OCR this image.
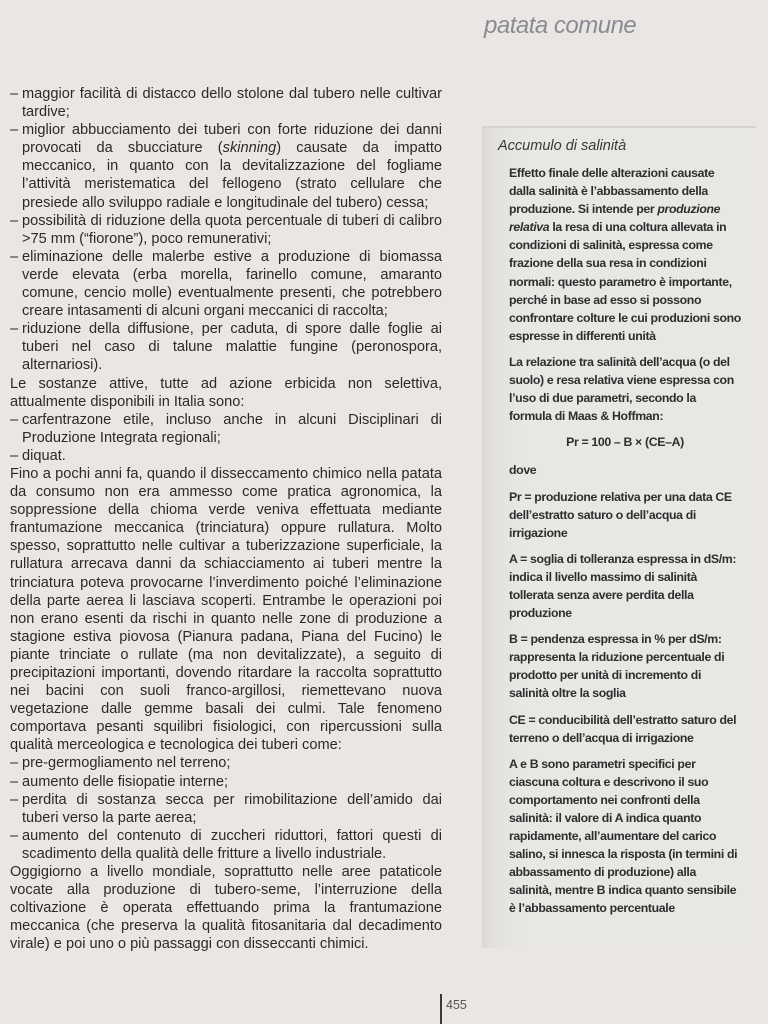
patata comune

– maggior facilità di distacco dello stolone dal tubero nelle cultivar tardive;

– miglior abbucciamento dei tuberi con forte riduzione dei danni provocati da sbucciature (skinning) causate da impatto meccanico, in quanto con la devitalizzazione del fogliame l’attività meristematica del fellogeno (strato cellulare che presiede allo sviluppo radiale e longitudinale del tubero) cessa;

– possibilità di riduzione della quota percentuale di tuberi di calibro >75 mm (“fiorone”), poco remunerativi;

– eliminazione delle malerbe estive a produzione di biomassa verde elevata (erba morella, farinello comune, amaranto comune, cencio molle) eventualmente presenti, che potrebbero creare intasamenti di alcuni organi meccanici di raccolta;

– riduzione della diffusione, per caduta, di spore dalle foglie ai tuberi nel caso di talune malattie fungine (peronospora, alternariosi).

Le sostanze attive, tutte ad azione erbicida non selettiva, attualmente disponibili in Italia sono:

– carfentrazone etile, incluso anche in alcuni Disciplinari di Produzione Integrata regionali;

– diquat.

Fino a pochi anni fa, quando il disseccamento chimico nella patata da consumo non era ammesso come pratica agronomica, la soppressione della chioma verde veniva effettuata mediante frantumazione meccanica (trinciatura) oppure rullatura. Molto spesso, soprattutto nelle cultivar a tuberizzazione superficiale, la rullatura arrecava danni da schiacciamento ai tuberi mentre la trinciatura poteva provocarne l’inverdimento poiché l’eliminazione della parte aerea li lasciava scoperti. Entrambe le operazioni poi non erano esenti da rischi in quanto nelle zone di produzione a stagione estiva piovosa (Pianura padana, Piana del Fucino) le piante trinciate o rullate (ma non devitalizzate), a seguito di precipitazioni importanti, dovendo ritardare la raccolta soprattutto nei bacini con suoli franco-argillosi, riemettevano nuova vegetazione dalle gemme basali dei culmi. Tale fenomeno comportava pesanti squilibri fisiologici, con ripercussioni sulla qualità merceologica e tecnologica dei tuberi come:

– pre-germogliamento nel terreno;

– aumento delle fisiopatie interne;

– perdita di sostanza secca per rimobilitazione dell’amido dai tuberi verso la parte aerea;

– aumento del contenuto di zuccheri riduttori, fattori questi di scadimento della qualità delle fritture a livello industriale.

Oggigiorno a livello mondiale, soprattutto nelle aree pataticole vocate alla produzione di tubero-seme, l’interruzione della coltivazione è operata effettuando prima la frantumazione meccanica (che preserva la qualità fitosanitaria dal decadimento virale) e poi uno o più passaggi con disseccanti chimici.

Accumulo di salinità

Effetto finale delle alterazioni causate dalla salinità è l’abbassamento della produzione. Si intende per produzione relativa la resa di una coltura allevata in condizioni di salinità, espressa come frazione della sua resa in condizioni normali: questo parametro è importante, perché in base ad esso si possono confrontare colture le cui produzioni sono espresse in differenti unità

La relazione tra salinità dell’acqua (o del suolo) e resa relativa viene espressa con l’uso di due parametri, secondo la formula di Maas & Hoffman:

Pr = 100 – B × (CE–A)

dove

Pr = produzione relativa per una data CE dell’estratto saturo o dell’acqua di irrigazione

A = soglia di tolleranza espressa in dS/m: indica il livello massimo di salinità tollerata senza avere perdita della produzione

B = pendenza espressa in % per dS/m: rappresenta la riduzione percentuale di prodotto per unità di incremento di salinità oltre la soglia

CE = conducibilità dell’estratto saturo del terreno o dell’acqua di irrigazione

A e B sono parametri specifici per ciascuna coltura e descrivono il suo comportamento nei confronti della salinità: il valore di A indica quanto rapidamente, all’aumentare del carico salino, si innesca la risposta (in termini di abbassamento di produzione) alla salinità, mentre B indica quanto sensibile è l’abbassamento percentuale

455
